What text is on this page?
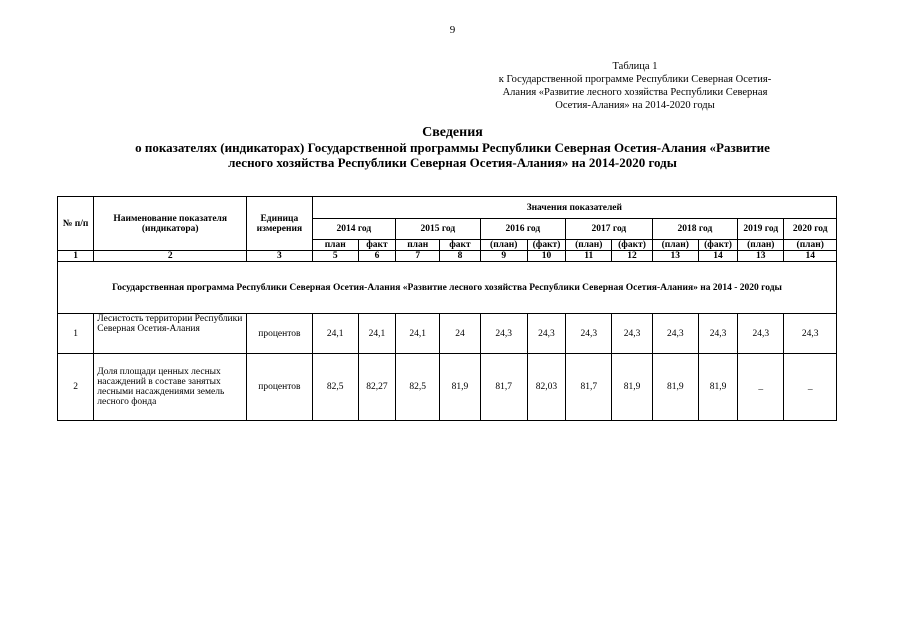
9
Таблица 1
к Государственной программе Республики Северная Осетия-
Алания «Развитие лесного хозяйства Республики Северная
Осетия-Алания» на 2014-2020 годы
Сведения
о показателях (индикаторах) Государственной программы Республики Северная Осетия-Алания «Развитие
лесного хозяйства Республики Северная Осетия-Алания» на 2014-2020 годы
№ п/п	Наименование показателя (индикатора)	Единица измерения	Значения показателей											
			2014 год		2015 год		2016 год		2017 год		2018 год		2019 год	2020 год
			план	факт	план	факт	(план)	(факт)	(план)	(факт)	(план)	(факт)	(план)	(план)
1	2	3	5	6	7	8	9	10	11	12	13	14	13	14
Государственная программа Республики Северная Осетия-Алания «Развитие лесного хозяйства Республики Северная Осетия-Алания» на 2014 - 2020 годы														
1	Лесистость территории Республики Северная Осетия-Алания	процентов	24,1	24,1	24,1	24	24,3	24,3	24,3	24,3	24,3	24,3	24,3	24,3
2	Доля площади ценных лесных насаждений в составе занятых лесными насаждениями земель лесного фонда	процентов	82,5	82,27	82,5	81,9	81,7	82,03	81,7	81,9	81,9	81,9	_	_
